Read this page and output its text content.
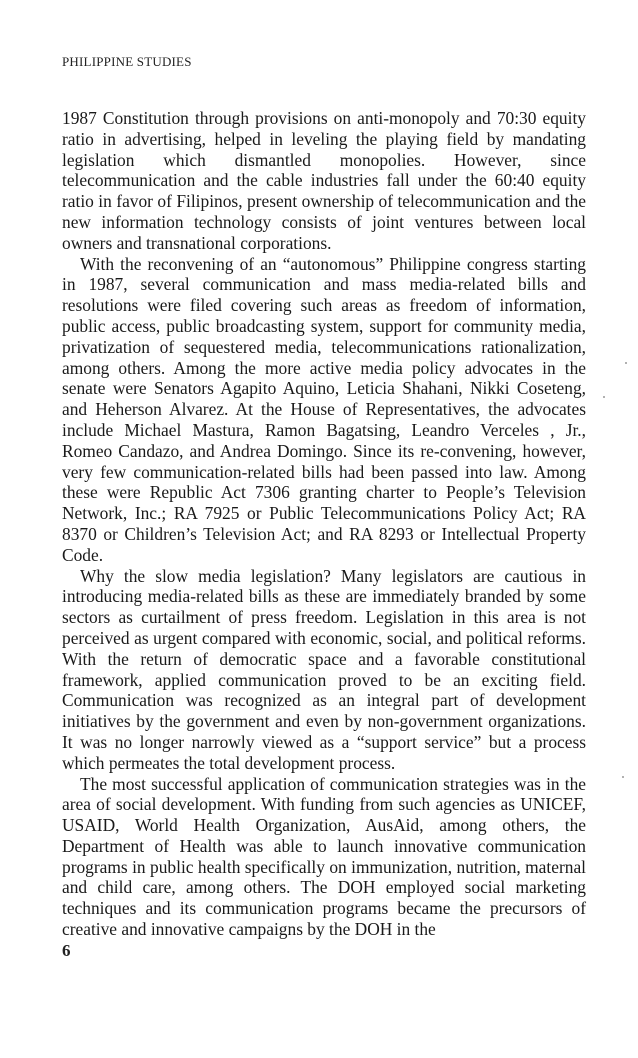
PHILIPPINE STUDIES

1987 Constitution through provisions on anti-monopoly and 70:30 equity ratio in advertising, helped in leveling the playing field by mandating legislation which dismantled monopolies. However, since telecommunication and the cable industries fall under the 60:40 equity ratio in favor of Filipinos, present ownership of telecommunication and the new information technology consists of joint ventures between local owners and transnational corporations.

With the reconvening of an “autonomous” Philippine congress starting in 1987, several communication and mass media-related bills and resolutions were filed covering such areas as freedom of information, public access, public broadcasting system, support for community media, privatization of sequestered media, telecommunications rationalization, among others. Among the more active media policy advocates in the senate were Senators Agapito Aquino, Leticia Shahani, Nikki Coseteng, and Heherson Alvarez. At the House of Representatives, the advocates include Michael Mastura, Ramon Bagatsing, Leandro Verceles , Jr., Romeo Candazo, and Andrea Domingo. Since its re-convening, however, very few communication-related bills had been passed into law. Among these were Republic Act 7306 granting charter to People’s Television Network, Inc.; RA 7925 or Public Telecommunications Policy Act; RA 8370 or Children’s Television Act; and RA 8293 or Intellectual Property Code.

Why the slow media legislation? Many legislators are cautious in introducing media-related bills as these are immediately branded by some sectors as curtailment of press freedom. Legislation in this area is not perceived as urgent compared with economic, social, and political reforms. With the return of democratic space and a favorable constitutional framework, applied communication proved to be an exciting field. Communication was recognized as an integral part of development initiatives by the government and even by non-government organizations. It was no longer narrowly viewed as a “support service” but a process which permeates the total development process.

The most successful application of communication strategies was in the area of social development. With funding from such agencies as UNICEF, USAID, World Health Organization, AusAid, among others, the Department of Health was able to launch innovative communication programs in public health specifically on immunization, nutrition, maternal and child care, among others. The DOH employed social marketing techniques and its communication programs became the precursors of creative and innovative campaigns by the DOH in the

6
